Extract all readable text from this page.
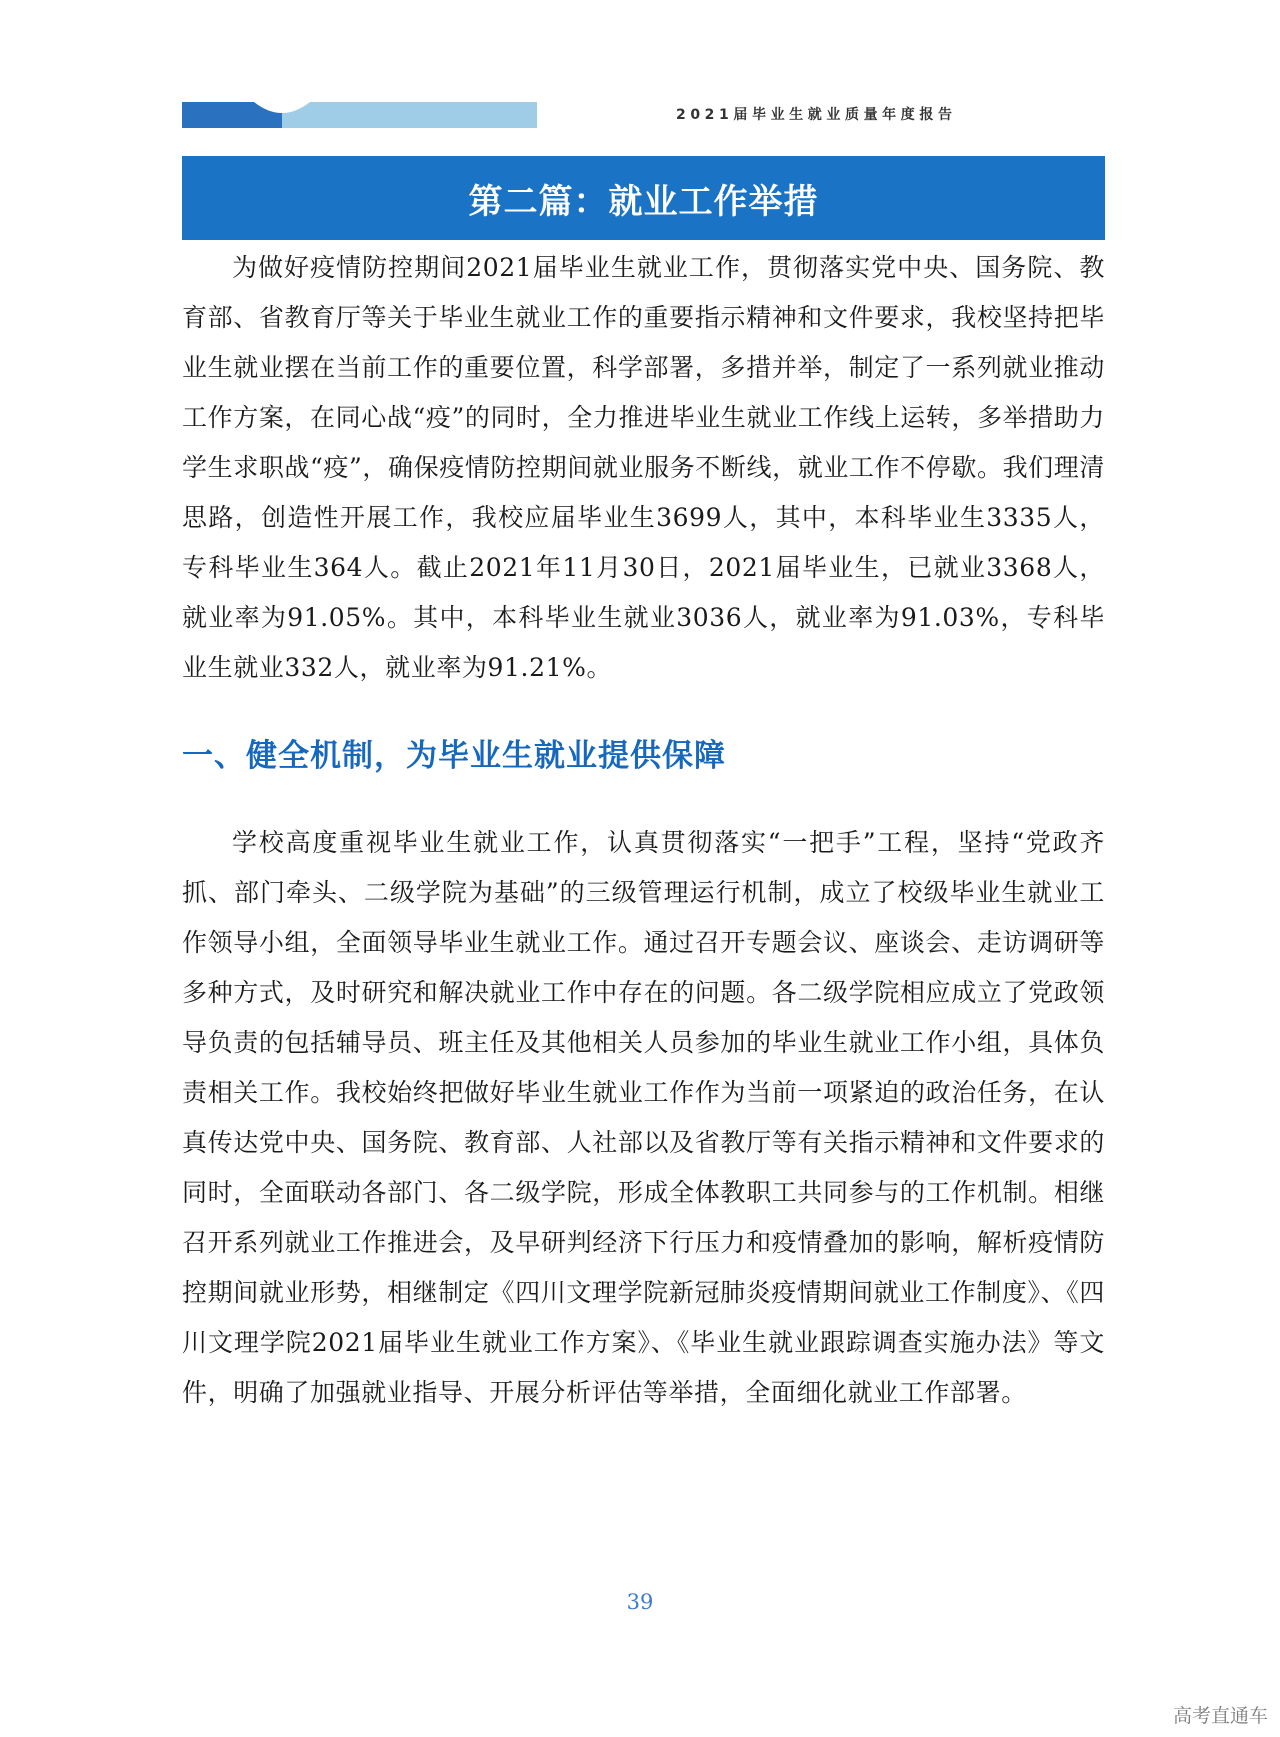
2021届毕业生就业质量年度报告
第二篇：就业工作举措

为做好疫情防控期间2021届毕业生就业工作，贯彻落实党中央、国务院、教育部、省教育厅等关于毕业生就业工作的重要指示精神和文件要求，我校坚持把毕业生就业摆在当前工作的重要位置，科学部署，多措并举，制定了一系列就业推动工作方案，在同心战“疫”的同时，全力推进毕业生就业工作线上运转，多举措助力学生求职战“疫”，确保疫情防控期间就业服务不断线，就业工作不停歇。我们理清思路，创造性开展工作，我校应届毕业生3699人，其中，本科毕业生3335人，专科毕业生364人。截止2021年11月30日，2021届毕业生，已就业3368人，就业率为91.05%。其中，本科毕业生就业3036人，就业率为91.03%，专科毕业生就业332人，就业率为91.21%。

一、健全机制，为毕业生就业提供保障

学校高度重视毕业生就业工作，认真贯彻落实“一把手”工程，坚持“党政齐抓、部门牵头、二级学院为基础”的三级管理运行机制，成立了校级毕业生就业工作领导小组，全面领导毕业生就业工作。通过召开专题会议、座谈会、走访调研等多种方式，及时研究和解决就业工作中存在的问题。各二级学院相应成立了党政领导负责的包括辅导员、班主任及其他相关人员参加的毕业生就业工作小组，具体负责相关工作。我校始终把做好毕业生就业工作作为当前一项紧迫的政治任务，在认真传达党中央、国务院、教育部、人社部以及省教厅等有关指示精神和文件要求的同时，全面联动各部门、各二级学院，形成全体教职工共同参与的工作机制。相继召开系列就业工作推进会，及早研判经济下行压力和疫情叠加的影响，解析疫情防控期间就业形势，相继制定《四川文理学院新冠肺炎疫情期间就业工作制度》、《四川文理学院2021届毕业生就业工作方案》、《毕业生就业跟踪调查实施办法》等文件，明确了加强就业指导、开展分析评估等举措，全面细化就业工作部署。

39
高考直通车
